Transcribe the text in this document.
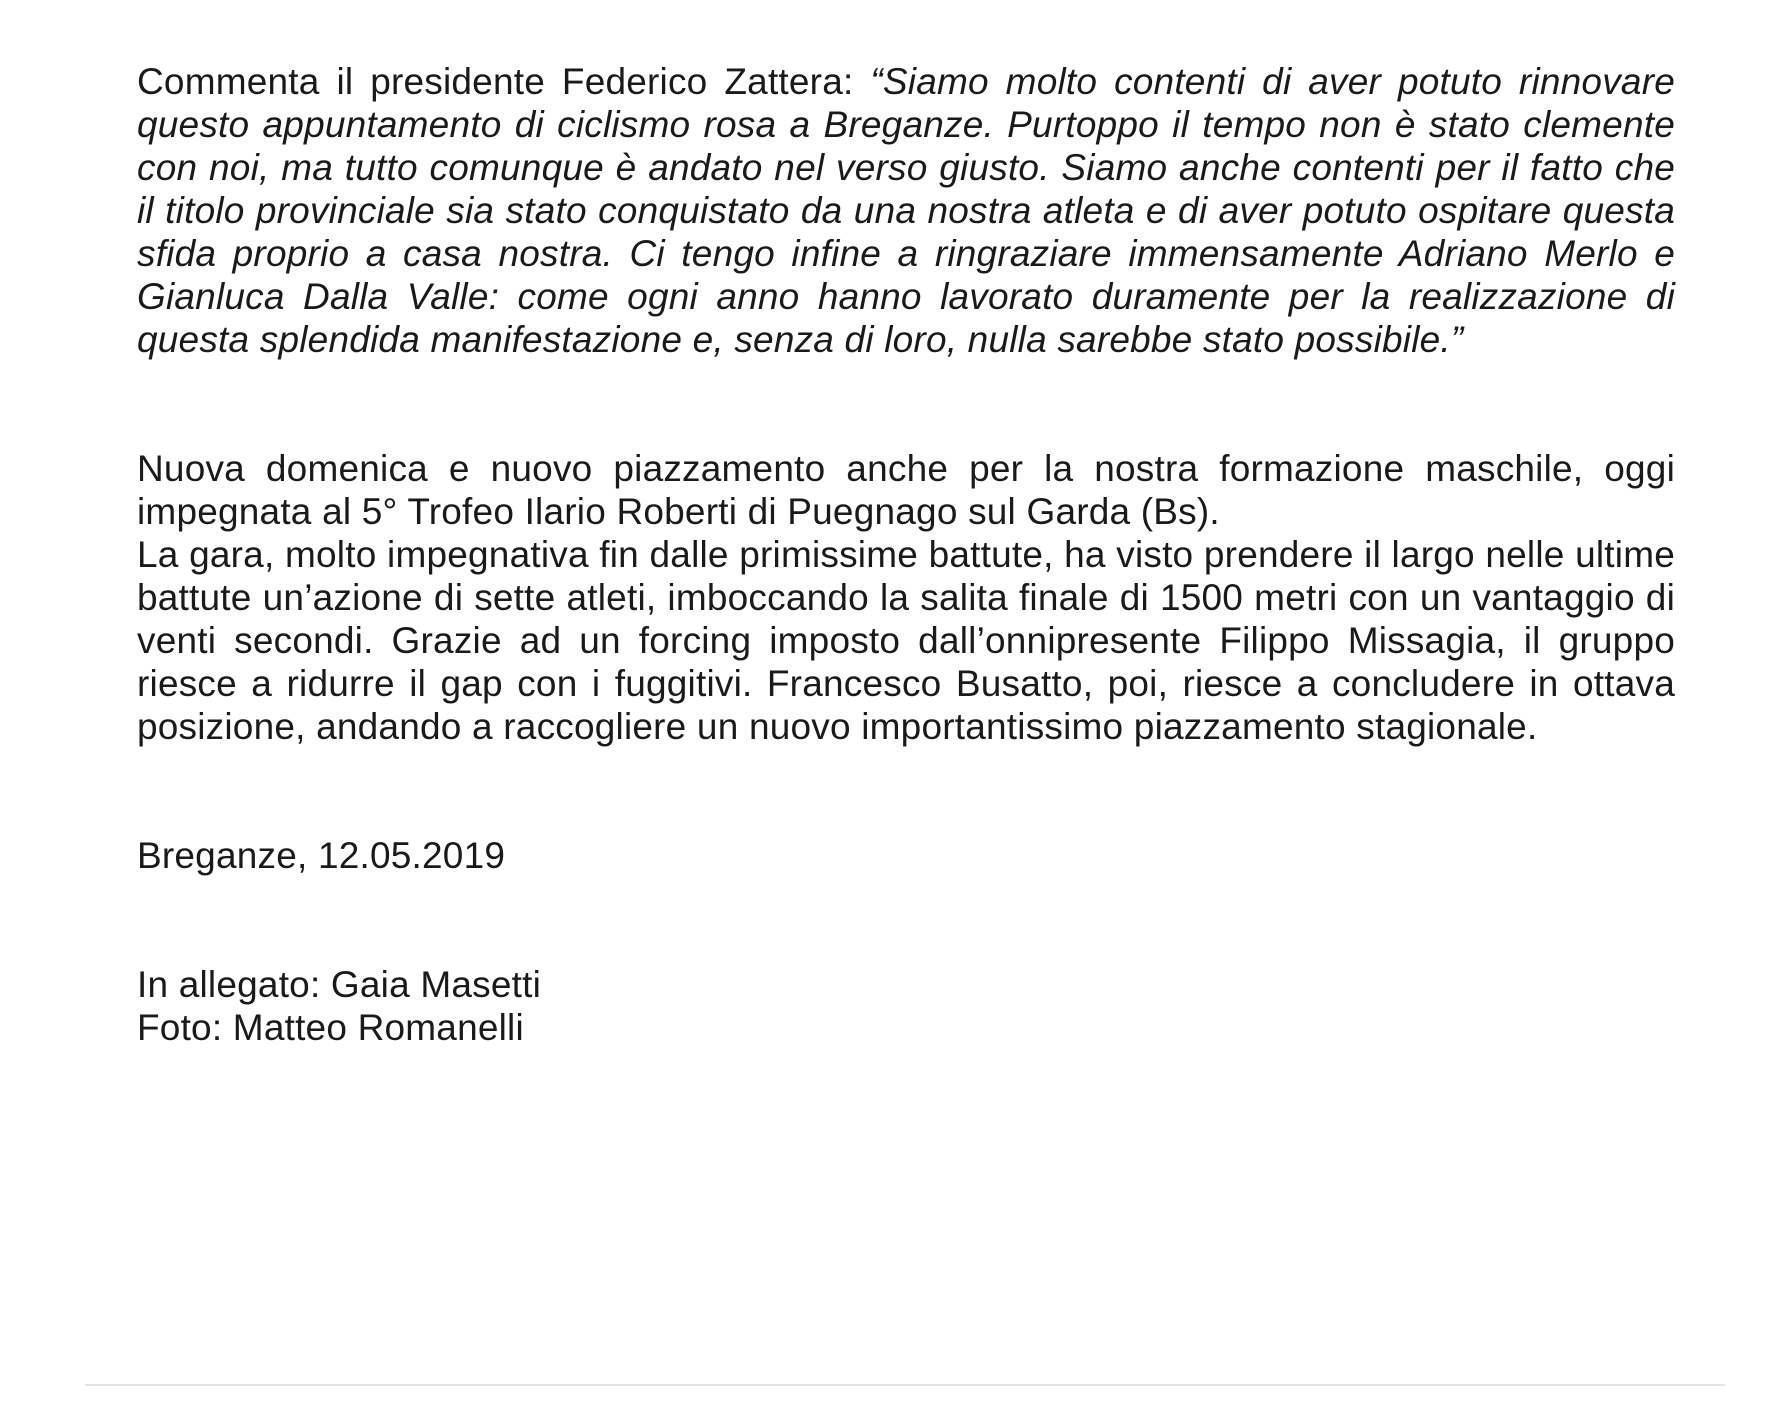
Commenta il presidente Federico Zattera: “Siamo molto contenti di aver potuto rinnovare questo appuntamento di ciclismo rosa a Breganze. Purtoppo il tempo non è stato clemente con noi, ma tutto comunque è andato nel verso giusto. Siamo anche contenti per il fatto che il titolo provinciale sia stato conquistato da una nostra atleta e di aver potuto ospitare questa sfida proprio a casa nostra. Ci tengo infine a ringraziare immensamente Adriano Merlo e Gianluca Dalla Valle: come ogni anno hanno lavorato duramente per la realizzazione di questa splendida manifestazione e, senza di loro, nulla sarebbe stato possibile.”

Nuova domenica e nuovo piazzamento anche per la nostra formazione maschile, oggi impegnata al 5° Trofeo Ilario Roberti di Puegnago sul Garda (Bs).

La gara, molto impegnativa fin dalle primissime battute, ha visto prendere il largo nelle ultime battute un’azione di sette atleti, imboccando la salita finale di 1500 metri con un vantaggio di venti secondi. Grazie ad un forcing imposto dall’onnipresente Filippo Missagia, il gruppo riesce a ridurre il gap con i fuggitivi. Francesco Busatto, poi, riesce a concludere in ottava posizione, andando a raccogliere un nuovo importantissimo piazzamento stagionale.

Breganze, 12.05.2019

In allegato: Gaia Masetti
Foto: Matteo Romanelli
